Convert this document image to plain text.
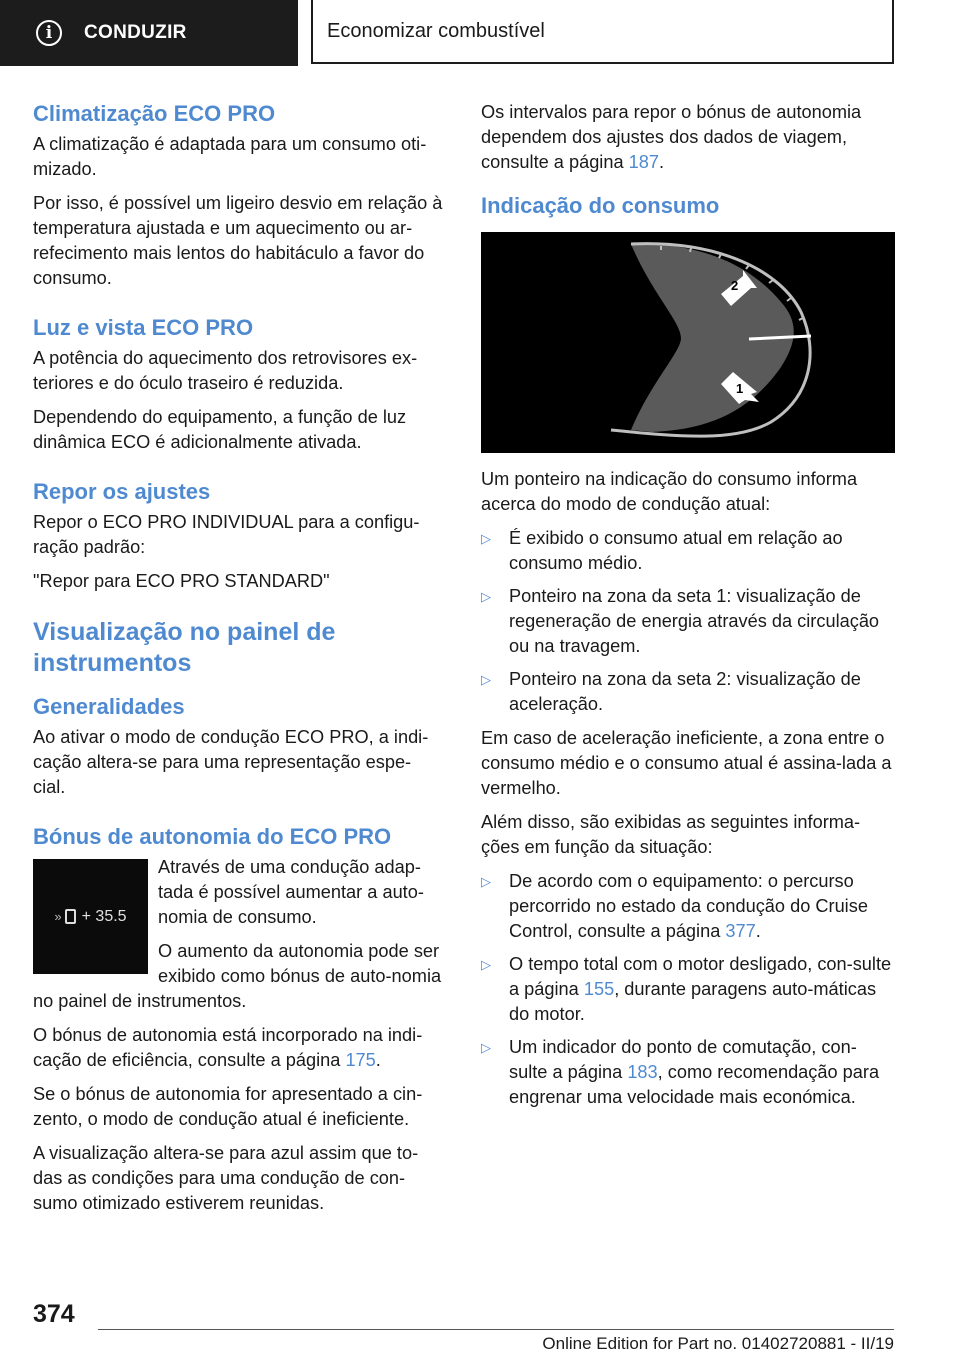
i	CONDUZIR	Economizar combustível
Climatização ECO PRO

A climatização é adaptada para um consumo oti-mizado.

Por isso, é possível um ligeiro desvio em relação à temperatura ajustada e um aquecimento ou ar-refecimento mais lentos do habitáculo a favor do consumo.

Luz e vista ECO PRO

A potência do aquecimento dos retrovisores ex-teriores e do óculo traseiro é reduzida.

Dependendo do equipamento, a função de luz dinâmica ECO é adicionalmente ativada.

Repor os ajustes

Repor o ECO PRO INDIVIDUAL para a configu-ração padrão:

"Repor para ECO PRO STANDARD"

Visualização no painel de instrumentos
Generalidades

Ao ativar o modo de condução ECO PRO, a indi-cação altera-se para uma representação espe-cial.

Bónus de autonomia do ECO PRO
» + 35.5

Através de uma condução adap-tada é possível aumentar a auto-nomia de consumo.

O aumento da autonomia pode ser exibido como bónus de auto-nomia no painel de instrumentos.

O bónus de autonomia está incorporado na indi-cação de eficiência, consulte a página 175.

Se o bónus de autonomia for apresentado a cin-zento, o modo de condução atual é ineficiente.

A visualização altera-se para azul assim que to-das as condições para uma condução de con-sumo otimizado estiverem reunidas.

Os intervalos para repor o bónus de autonomia dependem dos ajustes dos dados de viagem, consulte a página 187.

Indicação do consumo
2
1

Um ponteiro na indicação do consumo informa acerca do modo de condução atual:

▷ É exibido o consumo atual em relação ao consumo médio.
▷ Ponteiro na zona da seta 1: visualização de regeneração de energia através da circulação ou na travagem.
▷ Ponteiro na zona da seta 2: visualização de aceleração.

Em caso de aceleração ineficiente, a zona entre o consumo médio e o consumo atual é assina-lada a vermelho.

Além disso, são exibidas as seguintes informa-ções em função da situação:

▷ De acordo com o equipamento: o percurso percorrido no estado da condução do Cruise Control, consulte a página 377.
▷ O tempo total com o motor desligado, con-sulte a página 155, durante paragens auto-máticas do motor.
▷ Um indicador do ponto de comutação, con-sulte a página 183, como recomendação para engrenar uma velocidade mais económica.
374
Online Edition for Part no. 01402720881 - II/19
